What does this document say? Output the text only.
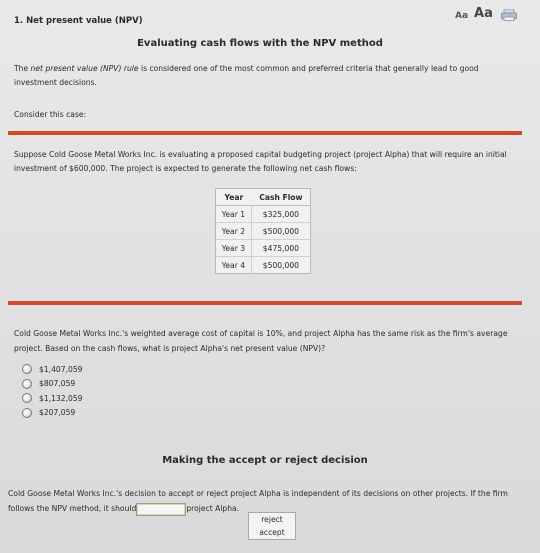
Aa Aa
1. Net present value (NPV)
Evaluating cash flows with the NPV method
The net present value (NPV) rule is considered one of the most common and preferred criteria that generally lead to good investment decisions.
Consider this case:
Suppose Cold Goose Metal Works Inc. is evaluating a proposed capital budgeting project (project Alpha) that will require an initial investment of $600,000. The project is expected to generate the following net cash flows:
Year	Cash Flow
Year 1	$325,000
Year 2	$500,000
Year 3	$475,000
Year 4	$500,000
Cold Goose Metal Works Inc.'s weighted average cost of capital is 10%, and project Alpha has the same risk as the firm's average project. Based on the cash flows, what is project Alpha's net present value (NPV)?
$1,407,059
$807,059
$1,132,059
$207,059
Making the accept or reject decision
Cold Goose Metal Works Inc.'s decision to accept or reject project Alpha is independent of its decisions on other projects. If the firm follows the NPV method, it should	project Alpha.
reject
accept
